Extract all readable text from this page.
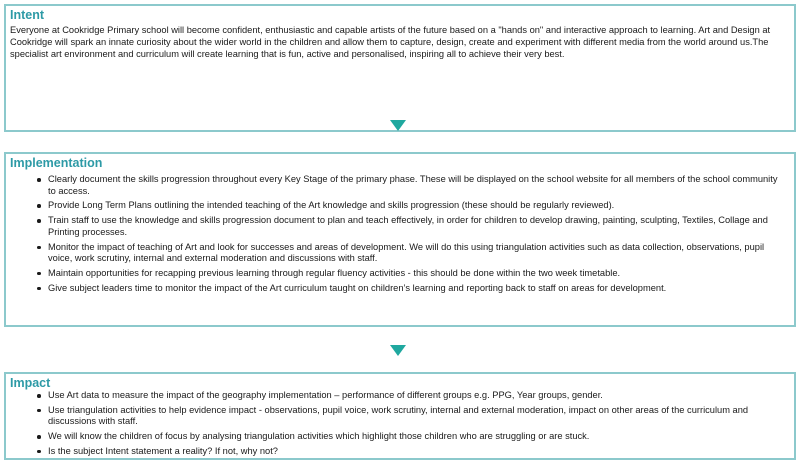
Intent

Everyone at Cookridge Primary school will become confident, enthusiastic and capable artists of the future based on a "hands on" and interactive approach to learning. Art and Design at Cookridge will spark an innate curiosity about the wider world in the children and allow them to capture, design, create and experiment with different media from the world around us.The specialist art environment and curriculum will create learning that is fun, active and personalised, inspiring all to achieve their very best.

Implementation
Clearly document the skills progression throughout every Key Stage of the primary phase. These will be displayed on the school website for all members of the school community to access.
Provide Long Term Plans outlining the intended teaching of the Art knowledge and skills progression (these should be regularly reviewed).
Train staff to use the knowledge and skills progression document to plan and teach effectively, in order for children to develop drawing, painting, sculpting, Textiles, Collage and Printing processes.
Monitor the impact of teaching of Art and look for successes and areas of development. We will do this using triangulation activities such as data collection, observations, pupil voice, work scrutiny, internal and external moderation and discussions with staff.
Maintain opportunities for recapping previous learning through regular fluency activities - this should be done within the two week timetable.
Give subject leaders time to monitor the impact of the Art curriculum taught on children’s learning and reporting back to staff on areas for development.
Impact
Use Art data to measure the impact of the geography implementation – performance of different groups e.g. PPG, Year groups, gender.
Use triangulation activities to help evidence impact - observations, pupil voice, work scrutiny, internal and external moderation, impact on other areas of the curriculum and discussions with staff.
We will know the children of focus by analysing triangulation activities which highlight those children who are struggling or are stuck.
Is the subject Intent statement a reality? If not, why not?
